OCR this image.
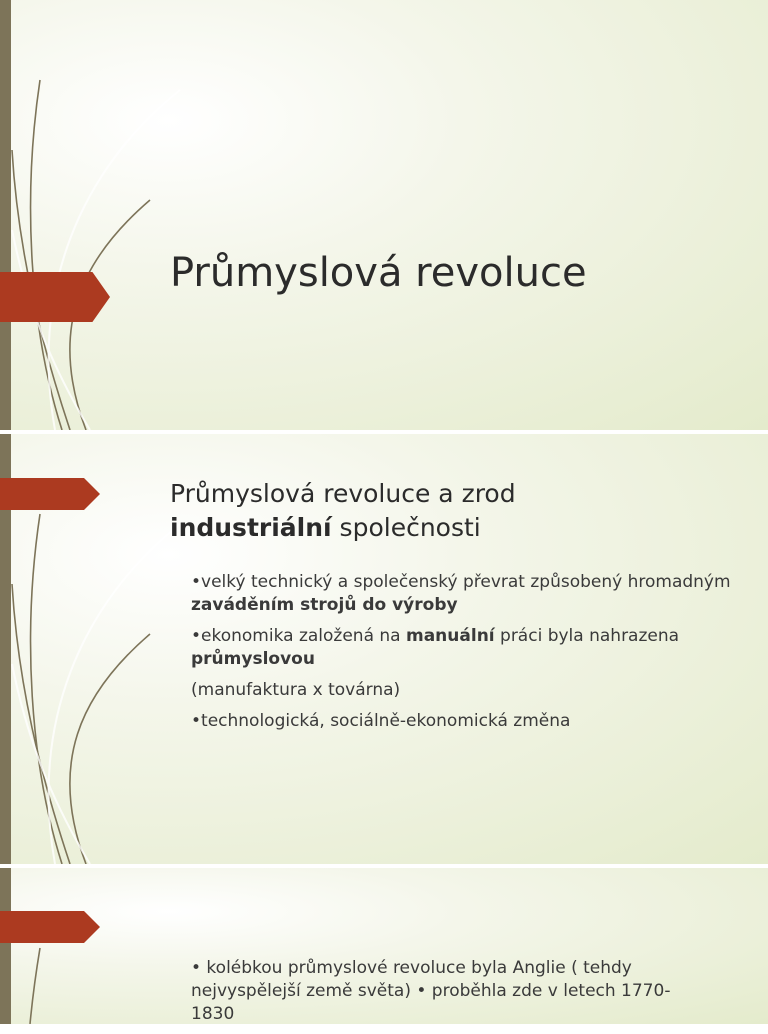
Průmyslová revoluce
Průmyslová revoluce a zrod
industriální společnosti
•velký technický a společenský převrat způsobený hromadným zaváděním strojů do výroby
•ekonomika založená na manuální práci byla nahrazena průmyslovou
(manufaktura x továrna)
•technologická, sociálně-ekonomická změna
• kolébkou průmyslové revoluce byla Anglie ( tehdy nejvyspělejší země světa) • proběhla zde v letech 1770-1830
